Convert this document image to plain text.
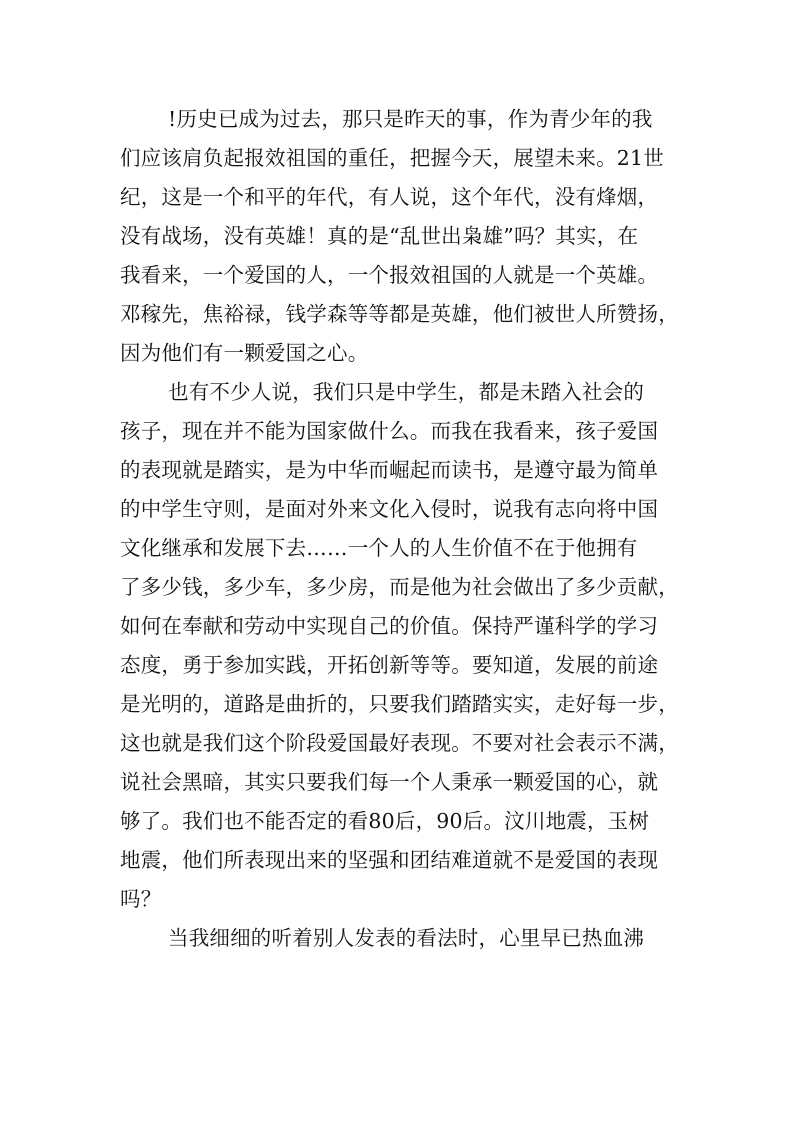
!历史已成为过去，那只是昨天的事，作为青少年的我
们应该肩负起报效祖国的重任，把握今天，展望未来。21世
纪，这是一个和平的年代，有人说，这个年代，没有烽烟，
没有战场，没有英雄！真的是“乱世出枭雄”吗？其实，在
我看来，一个爱国的人，一个报效祖国的人就是一个英雄。
邓稼先，焦裕禄，钱学森等等都是英雄，他们被世人所赞扬，
因为他们有一颗爱国之心。
也有不少人说，我们只是中学生，都是未踏入社会的
孩子，现在并不能为国家做什么。而我在我看来，孩子爱国
的表现就是踏实，是为中华而崛起而读书，是遵守最为简单
的中学生守则，是面对外来文化入侵时，说我有志向将中国
文化继承和发展下去……一个人的人生价值不在于他拥有
了多少钱，多少车，多少房，而是他为社会做出了多少贡献，
如何在奉献和劳动中实现自己的价值。保持严谨科学的学习
态度，勇于参加实践，开拓创新等等。要知道，发展的前途
是光明的，道路是曲折的，只要我们踏踏实实，走好每一步，
这也就是我们这个阶段爱国最好表现。不要对社会表示不满，
说社会黑暗，其实只要我们每一个人秉承一颗爱国的心，就
够了。我们也不能否定的看80后，90后。汶川地震，玉树
地震，他们所表现出来的坚强和团结难道就不是爱国的表现
吗？
当我细细的听着别人发表的看法时，心里早已热血沸
